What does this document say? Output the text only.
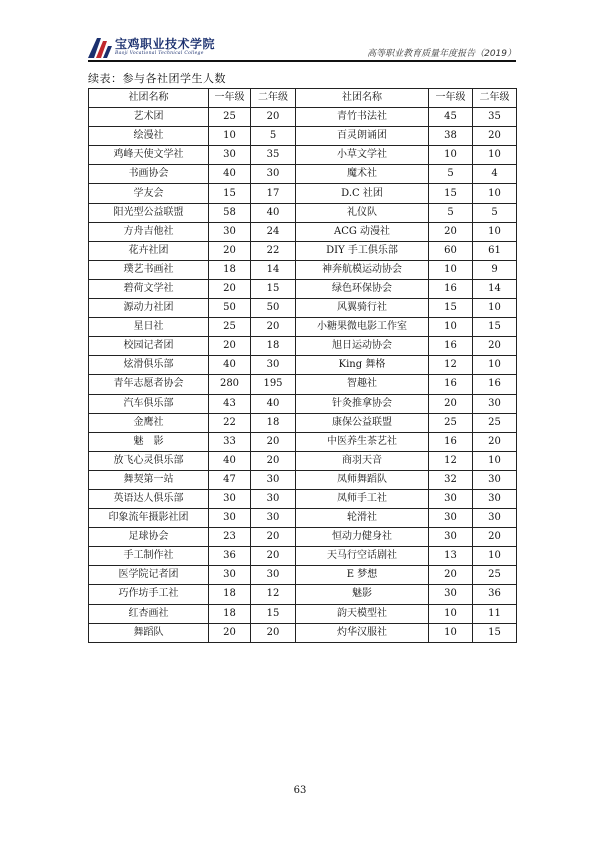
宝鸡职业技术学院
Baoji Vocational Technical College	高等职业教育质量年度报告（2019）
续表：参与各社团学生人数
社团名称	一年级	二年级	社团名称	一年级	二年级
艺术团	25	20	青竹书法社	45	35
绘漫社	10	5	百灵朗诵团	38	20
鸡峰天使文学社	30	35	小草文学社	10	10
书画协会	40	30	魔术社	5	4
学友会	15	17	D.C 社团	15	10
阳光型公益联盟	58	40	礼仪队	5	5
方舟吉他社	30	24	ACG 动漫社	20	10
花卉社团	20	22	DIY 手工俱乐部	60	61
璞艺书画社	18	14	神奔航模运动协会	10	9
碧荷文学社	20	15	绿色环保协会	16	14
源动力社团	50	50	风翼骑行社	15	10
星日社	25	20	小糖果微电影工作室	10	15
校园记者团	20	18	旭日运动协会	16	20
炫滑俱乐部	40	30	King 舞格	12	10
青年志愿者协会	280	195	智趣社	16	16
汽车俱乐部	43	40	针灸推拿协会	20	30
金鹰社	22	18	康保公益联盟	25	25
魅　影	33	20	中医养生茶艺社	16	20
放飞心灵俱乐部	40	20	商羽天音	12	10
舞契第一站	47	30	凤师舞蹈队	32	30
英语达人俱乐部	30	30	凤师手工社	30	30
印象流年摄影社团	30	30	轮滑社	30	30
足球协会	23	20	恒动力健身社	30	20
手工制作社	36	20	天马行空话剧社	13	10
医学院记者团	30	30	E 梦想	20	25
巧作坊手工社	18	12	魅影	30	36
红杏画社	18	15	韵天模型社	10	11
舞蹈队	20	20	灼华汉服社	10	15
63
